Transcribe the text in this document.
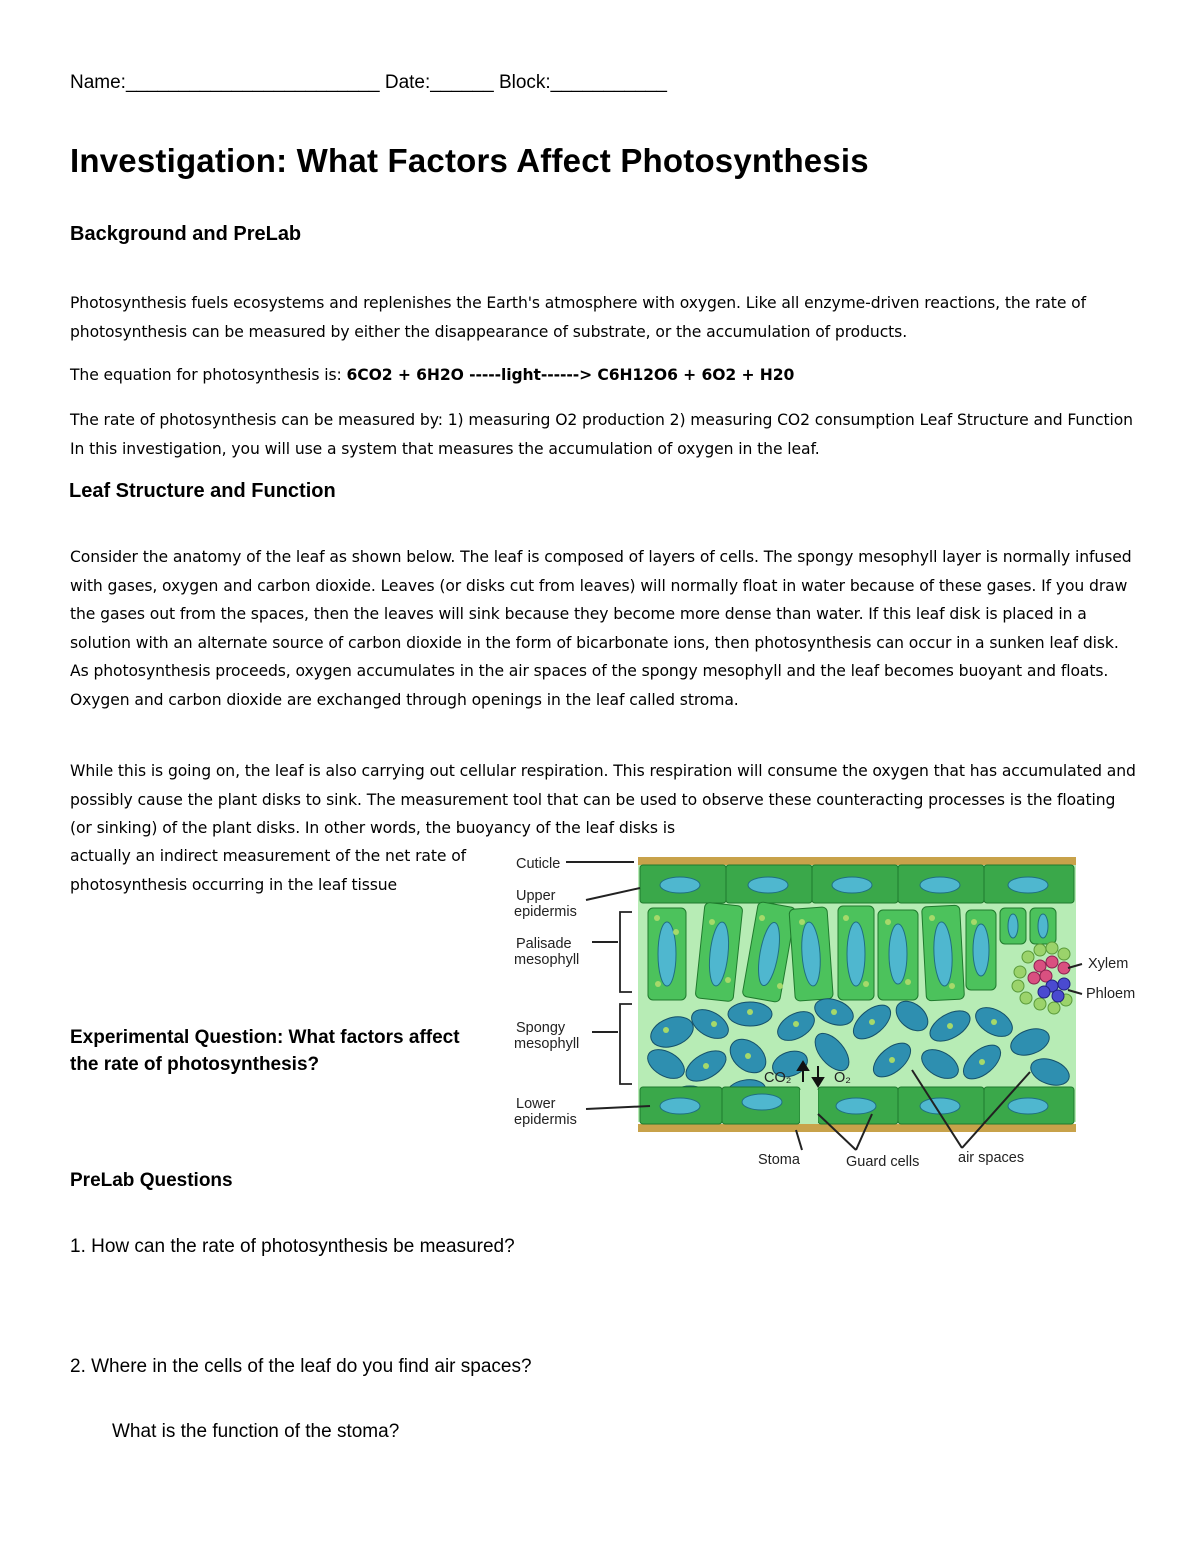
Name:________________________ Date:______ Block:___________
Investigation: What Factors Affect Photosynthesis
Background and PreLab

Photosynthesis fuels ecosystems and replenishes the Earth's atmosphere with oxygen. Like all enzyme-driven reactions, the rate of photosynthesis can be measured by either the disappearance of substrate, or the accumulation of products.

The equation for photosynthesis is: 6CO2 + 6H2O -----light------> C6H12O6 + 6O2 + H20

The rate of photosynthesis can be measured by: 1) measuring O2 production 2) measuring CO2 consumption Leaf Structure and Function In this investigation, you will use a system that measures the accumulation of oxygen in the leaf.

Leaf Structure and Function

Consider the anatomy of the leaf as shown below. The leaf is composed of layers of cells. The spongy mesophyll layer is normally infused with gases, oxygen and carbon dioxide. Leaves (or disks cut from leaves) will normally float in water because of these gases. If you draw the gases out from the spaces, then the leaves will sink because they become more dense than water. If this leaf disk is placed in a solution with an alternate source of carbon dioxide in the form of bicarbonate ions, then photosynthesis can occur in a sunken leaf disk. As photosynthesis proceeds, oxygen accumulates in the air spaces of the spongy mesophyll and the leaf becomes buoyant and floats. Oxygen and carbon dioxide are exchanged through openings in the leaf called stroma.

While this is going on, the leaf is also carrying out cellular respiration. This respiration will consume the oxygen that has accumulated and possibly cause the plant disks to sink. The measurement tool that can be used to observe these counteracting processes is the floating (or sinking) of the plant disks. In other words, the buoyancy of the leaf disks is

actually an indirect measurement of the net rate of photosynthesis occurring in the leaf tissue

Experimental Question: What factors affect the rate of photosynthesis?

CO₂	O₂
Cuticle
Upper
epidermis
Palisade
mesophyll
Spongy
mesophyll
Lower
epidermis
Xylem
Phloem
Stoma	Guard cells	air spaces
PreLab Questions

1. How can the rate of photosynthesis be measured?

2. Where in the cells of the leaf do you find air spaces?

What is the function of the stoma?
